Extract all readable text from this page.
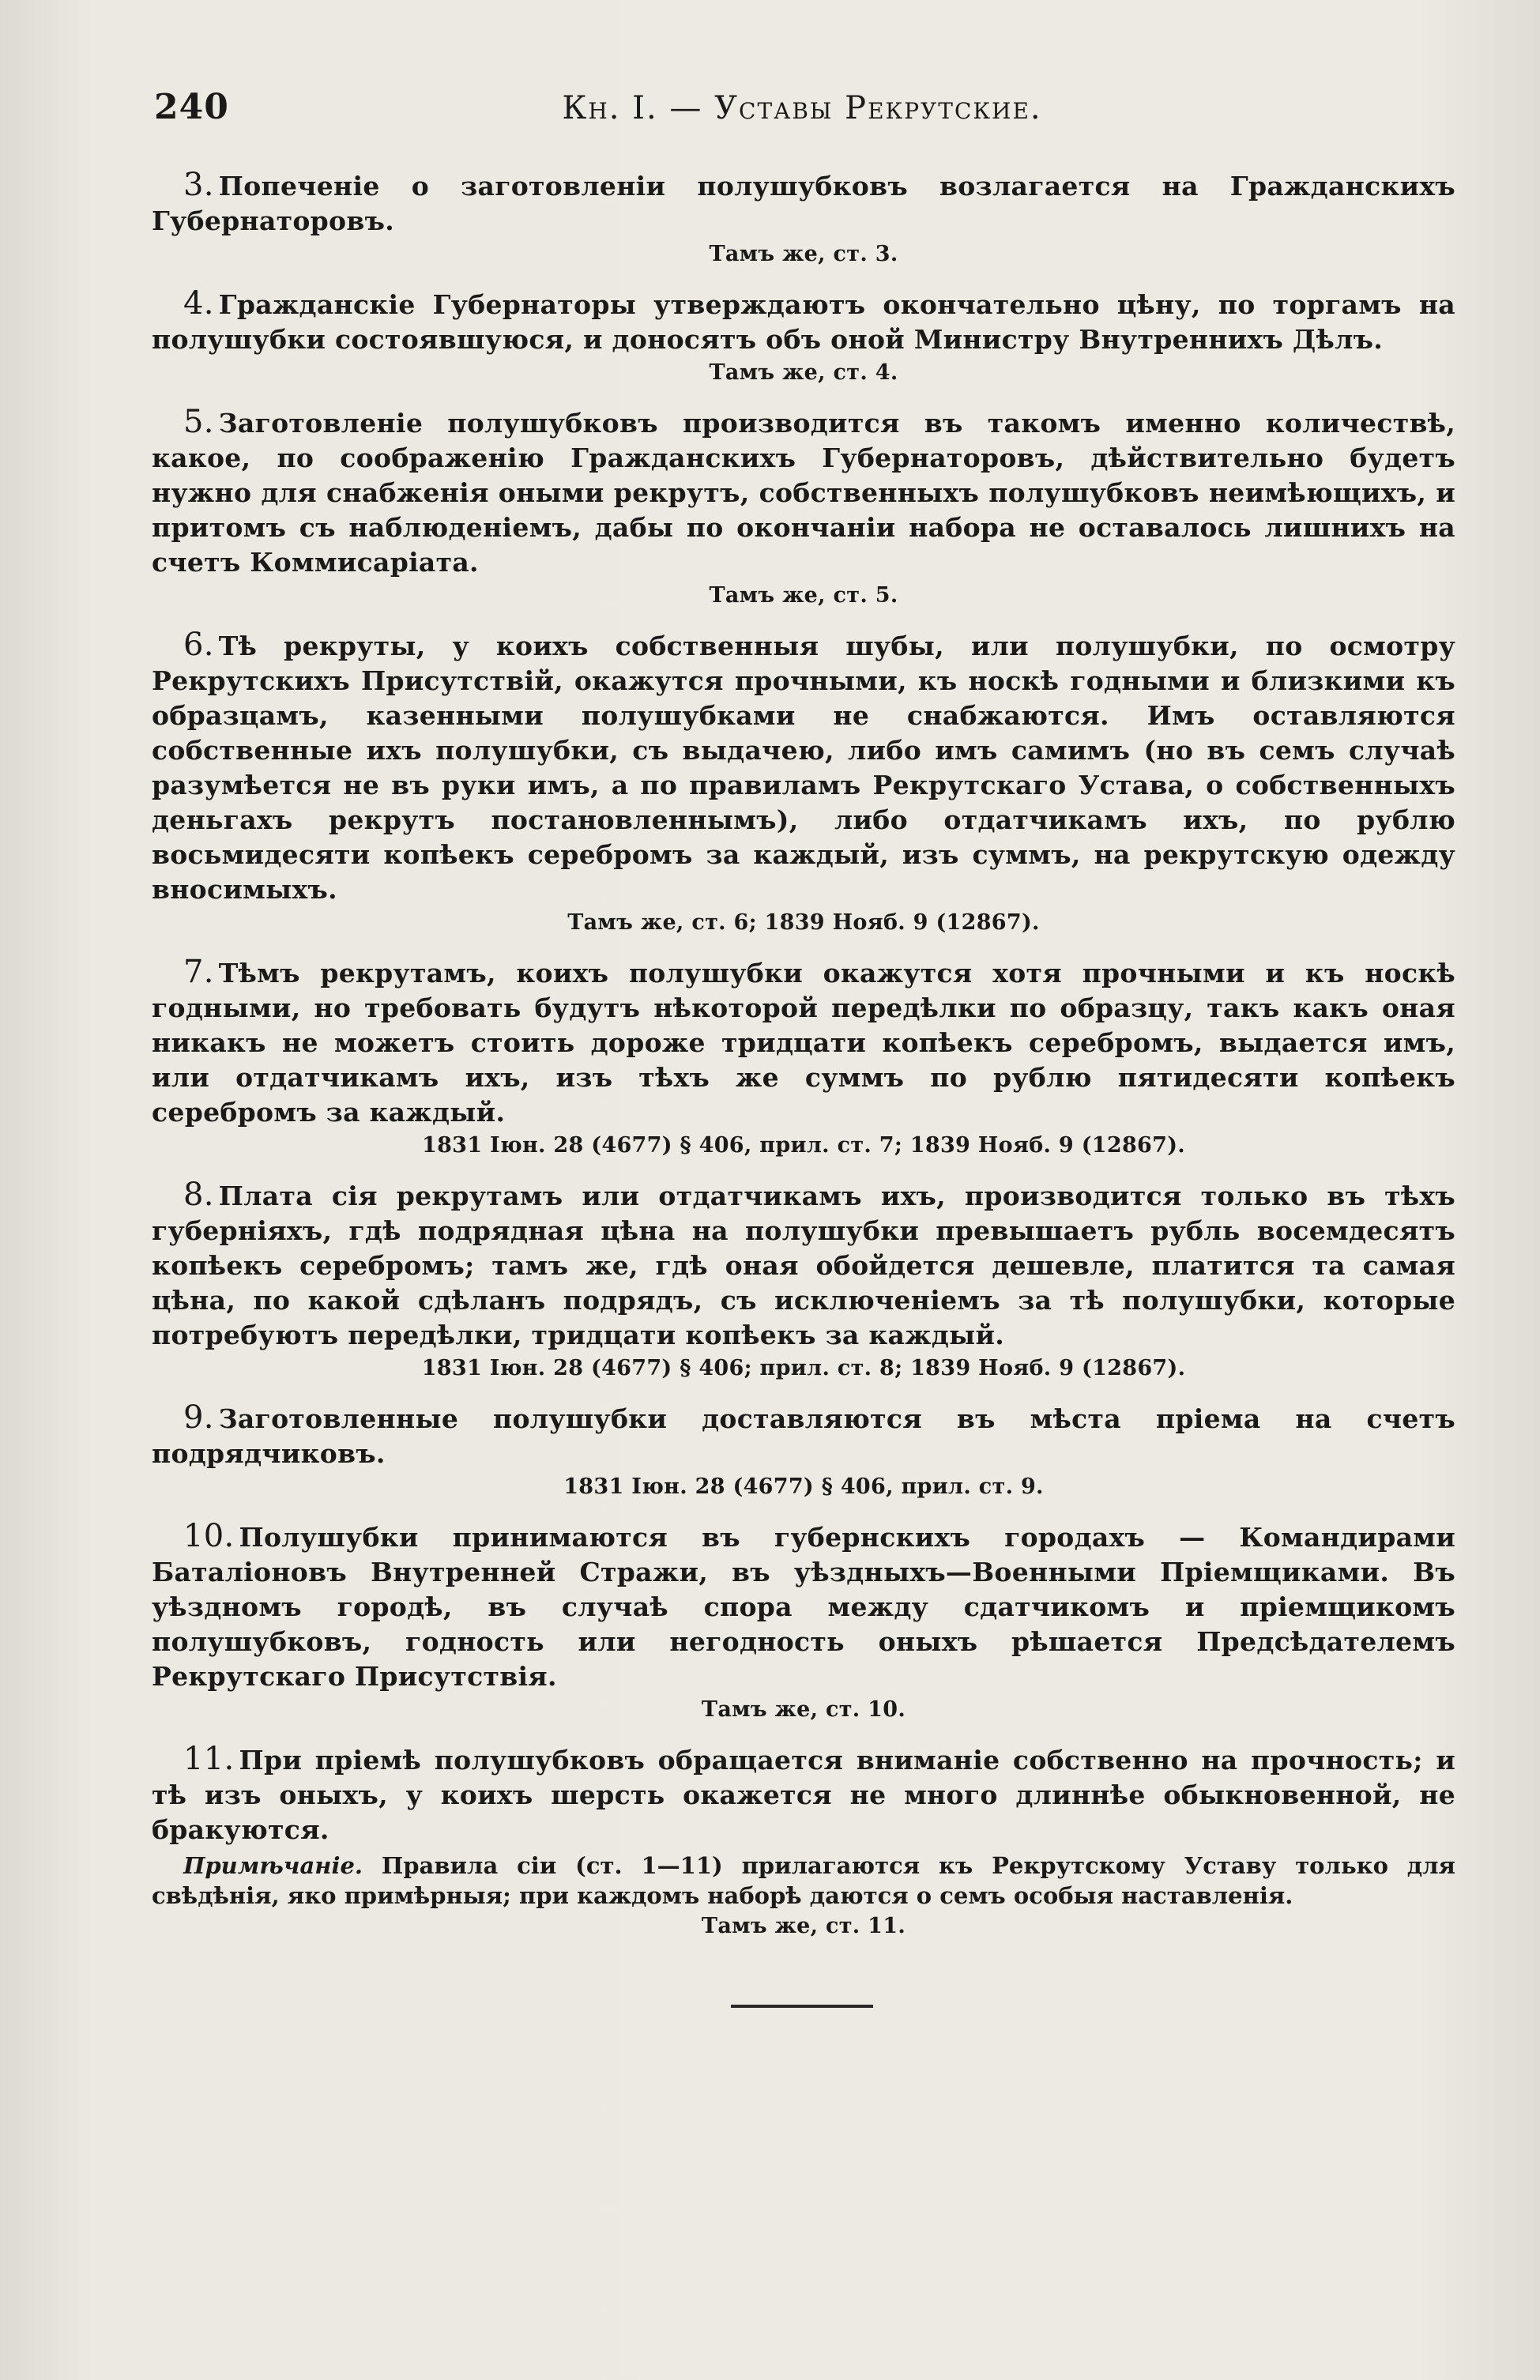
240	Кн. I. — Уставы Рекрутские.

3. Попеченіе о заготовленіи полушубковъ возлагается на Гражданскихъ Губернаторовъ.

Тамъ же, ст. 3.

4. Гражданскіе Губернаторы утверждаютъ окончательно цѣну, по торгамъ на полушубки состоявшуюся, и доносятъ объ оной Министру Внутреннихъ Дѣлъ.

Тамъ же, ст. 4.

5. Заготовленіе полушубковъ производится въ такомъ именно количествѣ, какое, по соображенію Гражданскихъ Губернаторовъ, дѣйствительно будетъ нужно для снабженія оными рекрутъ, собственныхъ полушубковъ неимѣющихъ, и притомъ съ наблюденіемъ, дабы по окончаніи набора не оставалось лишнихъ на счетъ Коммисаріата.

Тамъ же, ст. 5.

6. Тѣ рекруты, у коихъ собственныя шубы, или полушубки, по осмотру Рекрутскихъ Присутствій, окажутся прочными, къ носкѣ годными и близкими къ образцамъ, казенными полушубками не снабжаются. Имъ оставляются собственные ихъ полушубки, съ выдачею, либо имъ самимъ (но въ семъ случаѣ разумѣется не въ руки имъ, а по правиламъ Рекрутскаго Устава, о собственныхъ деньгахъ рекрутъ постановленнымъ), либо отдатчикамъ ихъ, по рублю восьмидесяти копѣекъ серебромъ за каждый, изъ суммъ, на рекрутскую одежду вносимыхъ.

Тамъ же, ст. 6; 1839 Нояб. 9 (12867).

7. Тѣмъ рекрутамъ, коихъ полушубки окажутся хотя прочными и къ носкѣ годными, но требовать будутъ нѣкоторой передѣлки по образцу, такъ какъ оная никакъ не можетъ стоить дороже тридцати копѣекъ серебромъ, выдается имъ, или отдатчикамъ ихъ, изъ тѣхъ же суммъ по рублю пятидесяти копѣекъ серебромъ за каждый.

1831 Іюн. 28 (4677) § 406, прил. ст. 7; 1839 Нояб. 9 (12867).

8. Плата сія рекрутамъ или отдатчикамъ ихъ, производится только въ тѣхъ губерніяхъ, гдѣ подрядная цѣна на полушубки превышаетъ рубль восемдесятъ копѣекъ серебромъ; тамъ же, гдѣ оная обойдется дешевле, платится та самая цѣна, по какой сдѣланъ подрядъ, съ исключеніемъ за тѣ полушубки, которые потребуютъ передѣлки, тридцати копѣекъ за каждый.

1831 Іюн. 28 (4677) § 406; прил. ст. 8; 1839 Нояб. 9 (12867).

9. Заготовленные полушубки доставляются въ мѣста пріема на счетъ подрядчиковъ.

1831 Іюн. 28 (4677) § 406, прил. ст. 9.

10. Полушубки принимаются въ губернскихъ городахъ — Командирами Баталіоновъ Внутренней Стражи, въ уѣздныхъ—Военными Пріемщиками. Въ уѣздномъ городѣ, въ случаѣ спора между сдатчикомъ и пріемщикомъ полушубковъ, годность или негодность оныхъ рѣшается Предсѣдателемъ Рекрутскаго Присутствія.

Тамъ же, ст. 10.

11. При пріемѣ полушубковъ обращается вниманіе собственно на прочность; и тѣ изъ оныхъ, у коихъ шерсть окажется не много длиннѣе обыкновенной, не бракуются.

Примѣчаніе. Правила сіи (ст. 1—11) прилагаются къ Рекрутскому Уставу только для свѣдѣнія, яко примѣрныя; при каждомъ наборѣ даются о семъ особыя наставленія.

Тамъ же, ст. 11.
